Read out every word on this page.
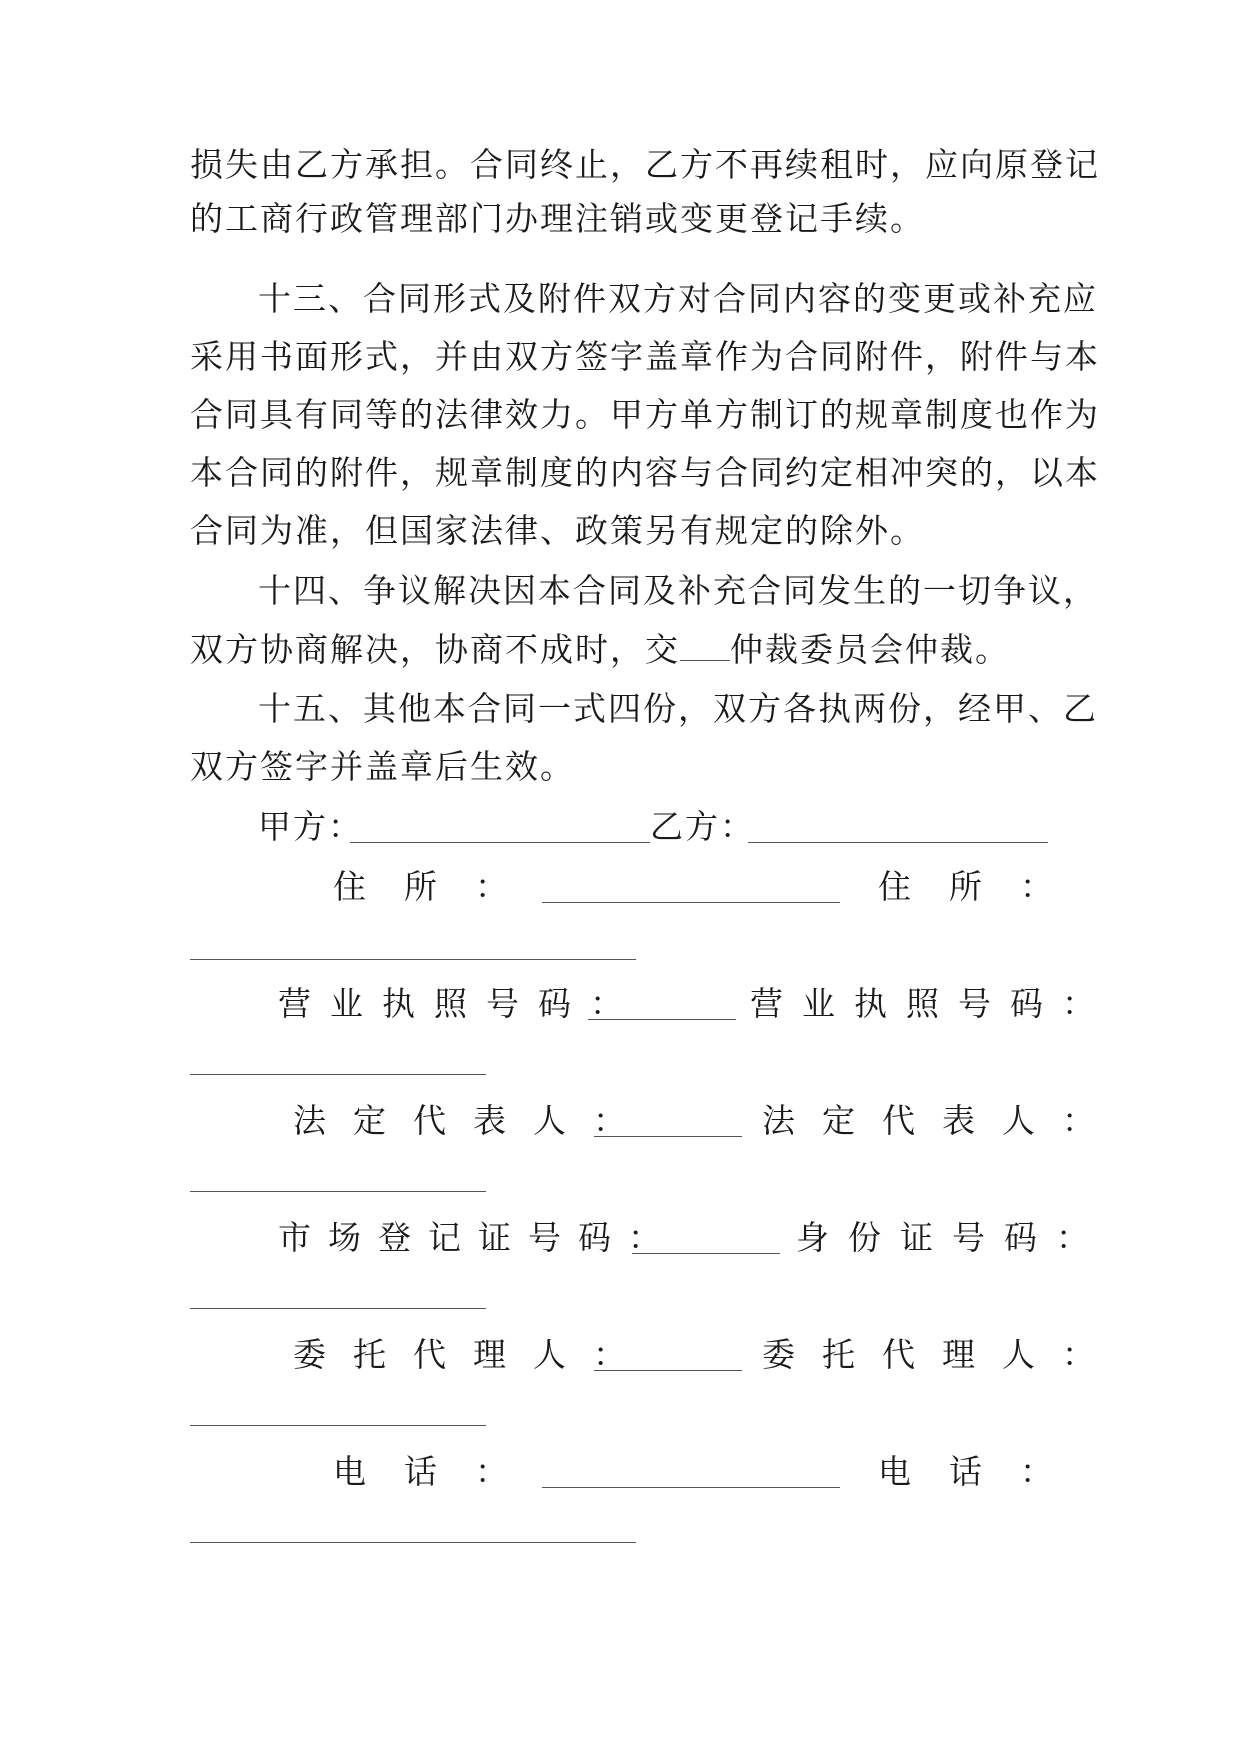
损失由乙方承担。合同终止，乙方不再续租时，应向原登记
的工商行政管理部门办理注销或变更登记手续。
十三、合同形式及附件双方对合同内容的变更或补充应
采用书面形式，并由双方签字盖章作为合同附件，附件与本
合同具有同等的法律效力。甲方单方制订的规章制度也作为
本合同的附件，规章制度的内容与合同约定相冲突的，以本
合同为准，但国家法律、政策另有规定的除外。
十四、争议解决因本合同及补充合同发生的一切争议，
双方协商解决，协商不成时，交 仲裁委员会仲裁。
十五、其他本合同一式四份，双方各执两份，经甲、乙
双方签字并盖章后生效。
甲方：	乙方：
住所：	住所：
营业执照号码：	营业执照号码：
法定代表人：	法定代表人：
市场登记证号码：	身份证号码：
委托代理人：	委托代理人：
电话：	电话：
